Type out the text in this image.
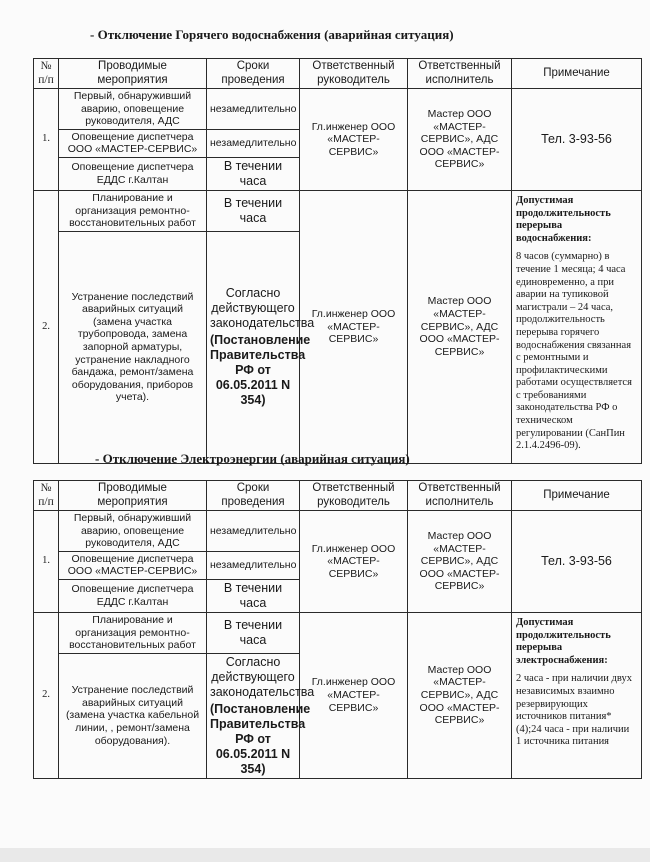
- Отключение Горячего водоснабжения (аварийная ситуация)
№ п/п	Проводимые мероприятия	Сроки проведения	Ответственный руководитель	Ответственный исполнитель	Примечание
1.	Первый, обнаруживший аварию, оповещение руководителя, АДС	незамедлительно	Гл.инженер ООО «МАСТЕР-СЕРВИС»	Мастер ООО «МАСТЕР-СЕРВИС», АДС ООО «МАСТЕР-СЕРВИС»	Тел. 3-93-56
	Оповещение диспетчера ООО «МАСТЕР-СЕРВИС»	незамедлительно			
	Оповещение диспетчера ЕДДС г.Калтан	В течении часа			
2.	Планирование и организация ремонтно-восстановительных работ	В течении часа	Гл.инженер ООО «МАСТЕР-СЕРВИС»	Мастер ООО «МАСТЕР-СЕРВИС», АДС ООО «МАСТЕР-СЕРВИС»	Допустимая продолжительность перерыва водоснабжения:
8 часов (суммарно) в течение 1 месяца; 4 часа единовременно, а при аварии на тупиковой магистрали – 24 часа, продолжительность перерыва горячего водоснабжения связанная с ремонтными и профилактическими работами осуществляется с требованиями законодательства РФ о техническом регулировании (СанПин 2.1.4.2496-09).

	Устранение последствий аварийных ситуаций (замена участка трубопровода, замена запорной арматуры, устранение накладного бандажа, ремонт/замена оборудования, приборов учета).	Согласно действующего законодательства
(Постановление Правительства РФ от 06.05.2011 N 354)			
- Отключение Электроэнергии (аварийная ситуация)
№ п/п	Проводимые мероприятия	Сроки проведения	Ответственный руководитель	Ответственный исполнитель	Примечание
1.	Первый, обнаруживший аварию, оповещение руководителя, АДС	незамедлительно	Гл.инженер ООО «МАСТЕР-СЕРВИС»	Мастер ООО «МАСТЕР-СЕРВИС», АДС ООО «МАСТЕР-СЕРВИС»	Тел. 3-93-56
	Оповещение диспетчера ООО «МАСТЕР-СЕРВИС»	незамедлительно			
	Оповещение диспетчера ЕДДС г.Калтан	В течении часа			
2.	Планирование и организация ремонтно-восстановительных работ	В течении часа	Гл.инженер ООО «МАСТЕР-СЕРВИС»	Мастер ООО «МАСТЕР-СЕРВИС», АДС ООО «МАСТЕР-СЕРВИС»	Допустимая продолжительность перерыва электроснабжения:
2 часа - при наличии двух независимых взаимно резервирующих источников питания*(4);24 часа - при наличии 1 источника питания

	Устранение последствий аварийных ситуаций (замена участка кабельной линии, , ремонт/замена оборудования).	Согласно действующего законодательства
(Постановление Правительства РФ от 06.05.2011 N 354)			
